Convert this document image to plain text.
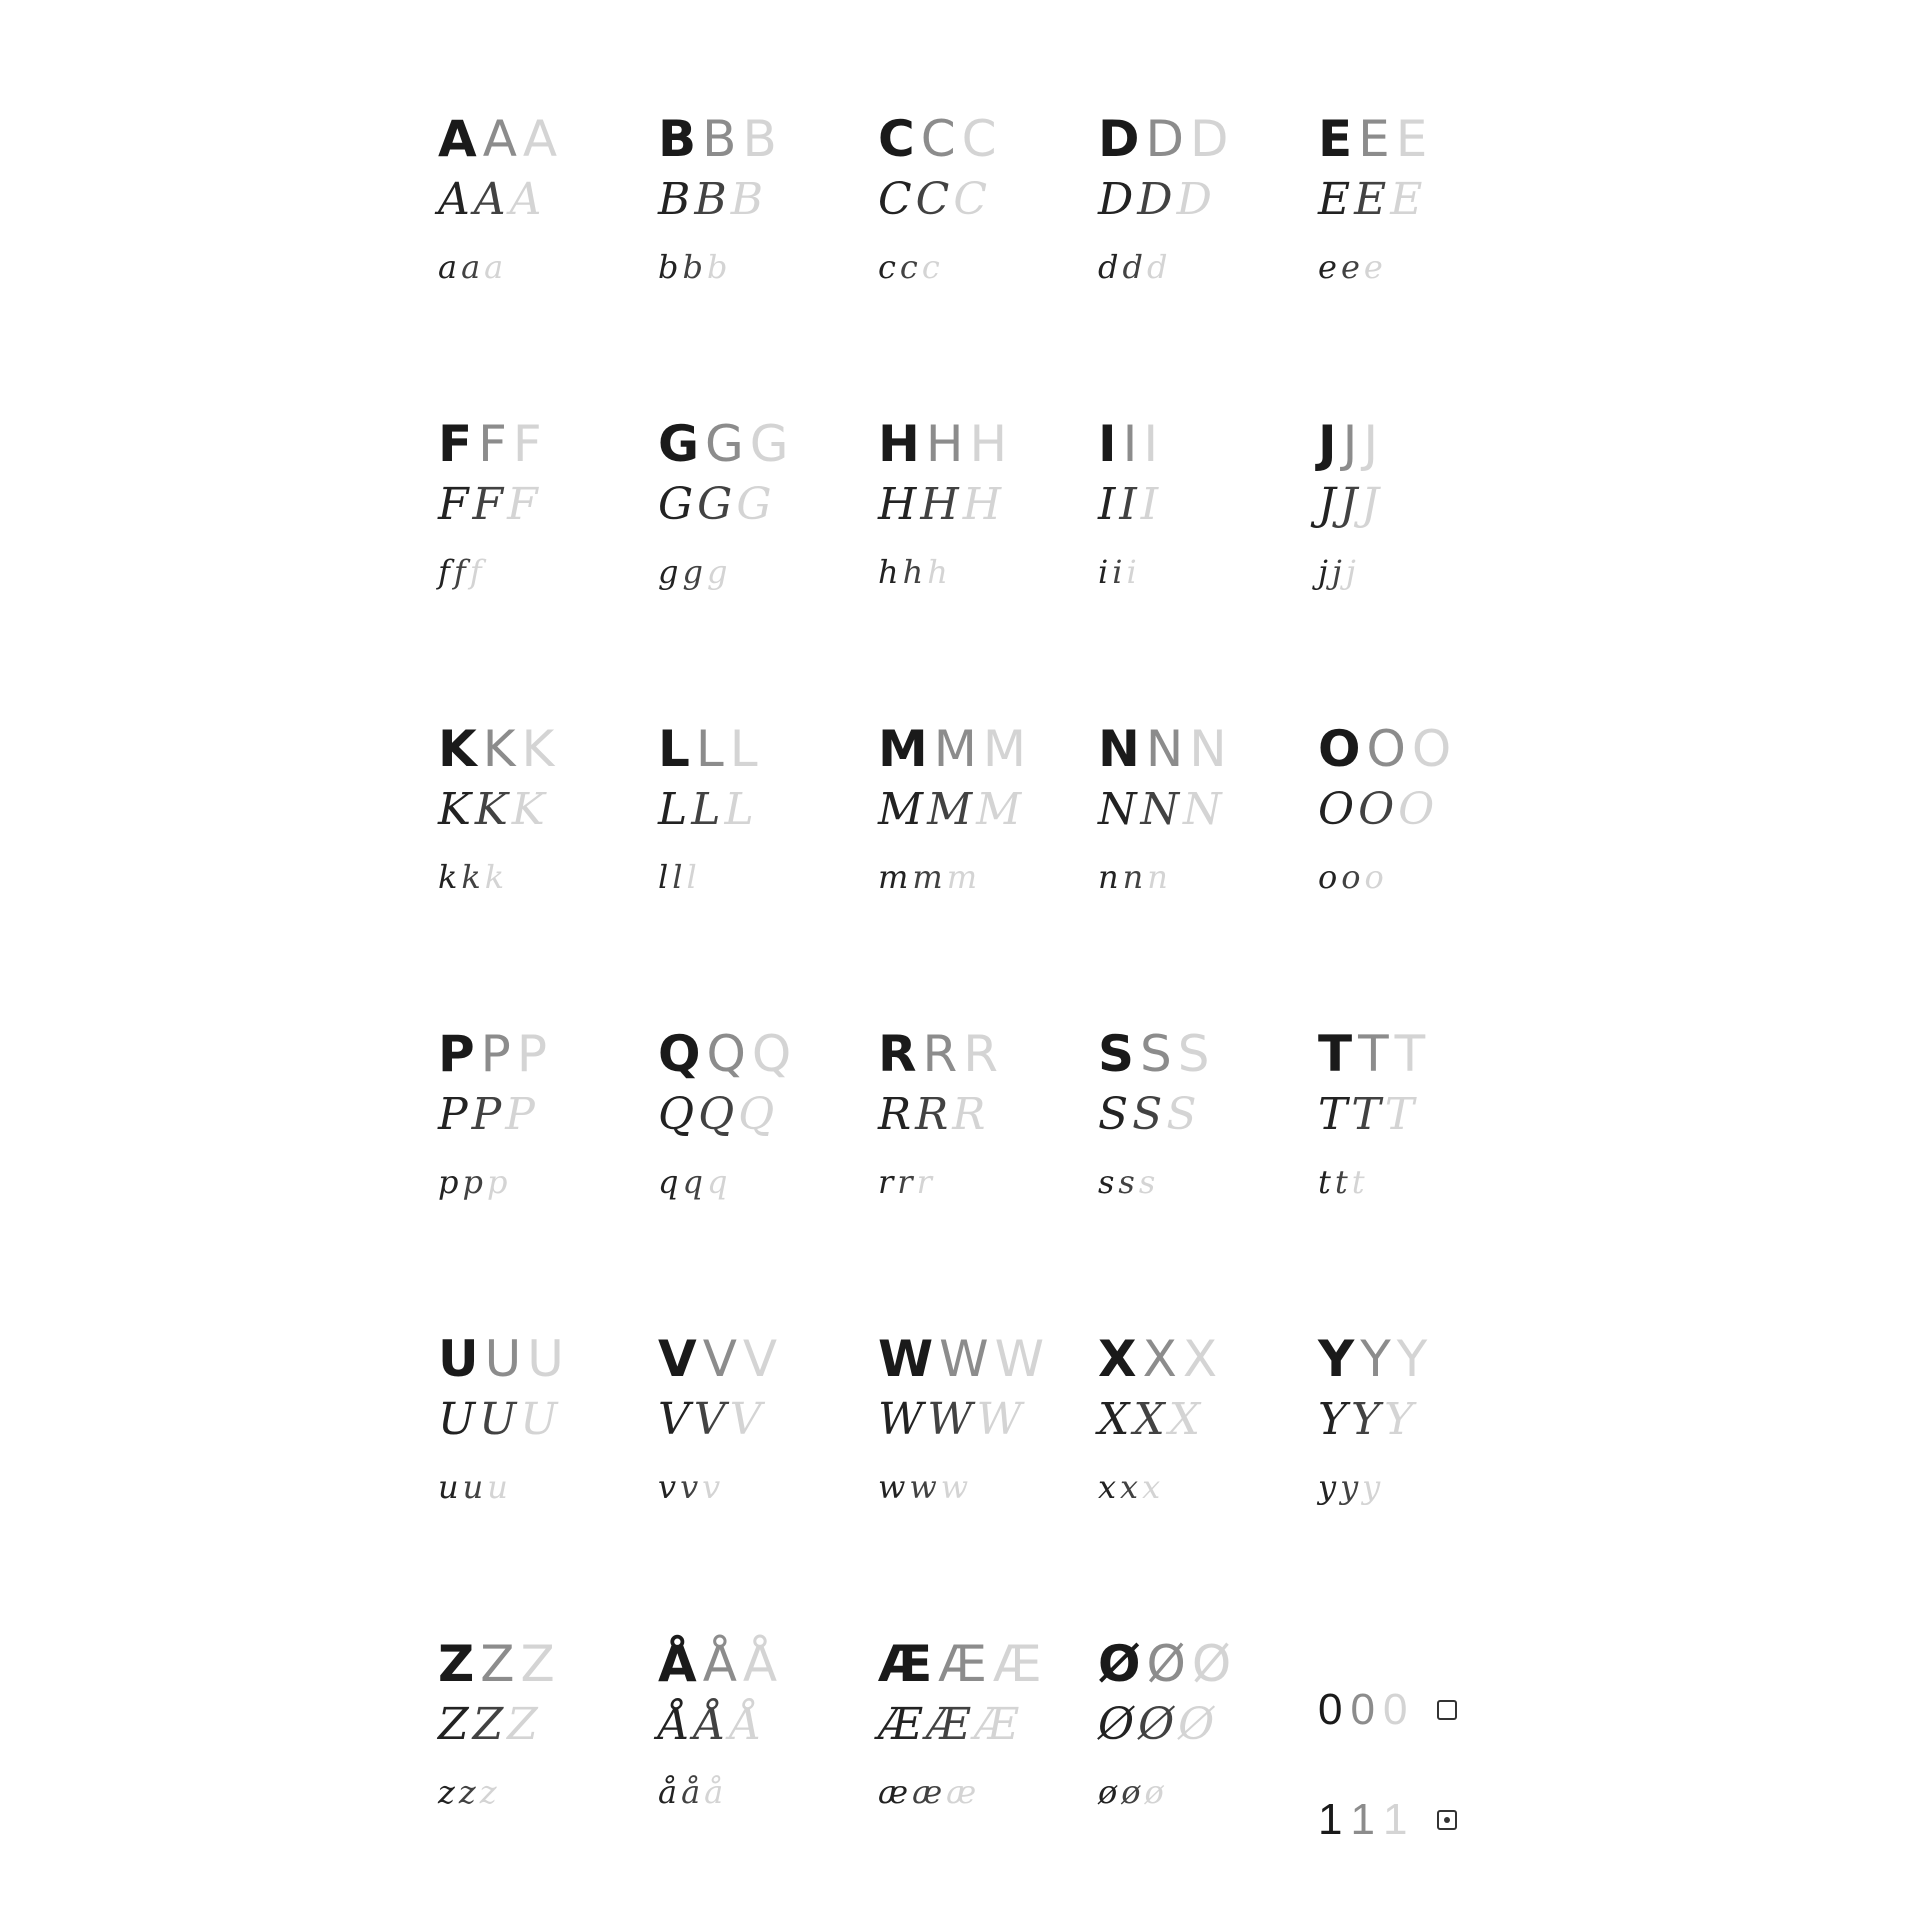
A A A
A A A
a a a
B B B
B B B
b b b
C C C
C C C
c c c
D D D
D D D
d d d
E E E
E E E
e e e
F F F
F F F
f f f
G G G
G G G
g g g
H H H
H H H
h h h
I I I
I I I
i i i
J J J
J J J
j j j
K K K
K K K
k k k
L L L
L L L
l l l
M M M
M M M
m m m
N N N
N N N
n n n
O O O
O O O
o o o
P P P
P P P
p p p
Q Q Q
Q Q Q
q q q
R R R
R R R
r r r
S S S
S S S
s s s
T T T
T T T
t t t
U U U
U U U
u u u
V V V
V V V
v v v
W W W
W W W
w w w
X X X
X X X
x x x
Y Y Y
Y Y Y
y y y
Z Z Z
Z Z Z
z z z
Å Å Å
Å Å Å
å å å
Æ Æ Æ
Æ Æ Æ
æ æ æ
Ø Ø Ø
Ø Ø Ø
ø ø ø
0 0 0
1 1 1
